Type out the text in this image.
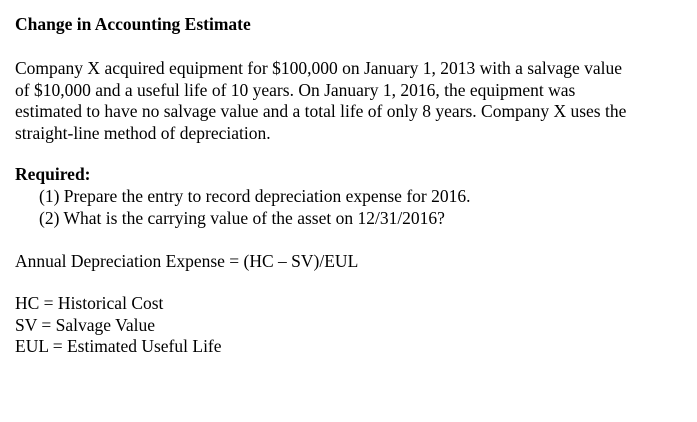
Change in Accounting Estimate
Company X acquired equipment for $100,000 on January 1, 2013 with a salvage value
of $10,000 and a useful life of 10 years. On January 1, 2016, the equipment was
estimated to have no salvage value and a total life of only 8 years. Company X uses the
straight-line method of depreciation.
Required:
(1) Prepare the entry to record depreciation expense for 2016.
(2) What is the carrying value of the asset on 12/31/2016?
Annual Depreciation Expense = (HC – SV)/EUL
HC = Historical Cost
SV = Salvage Value
EUL = Estimated Useful Life
